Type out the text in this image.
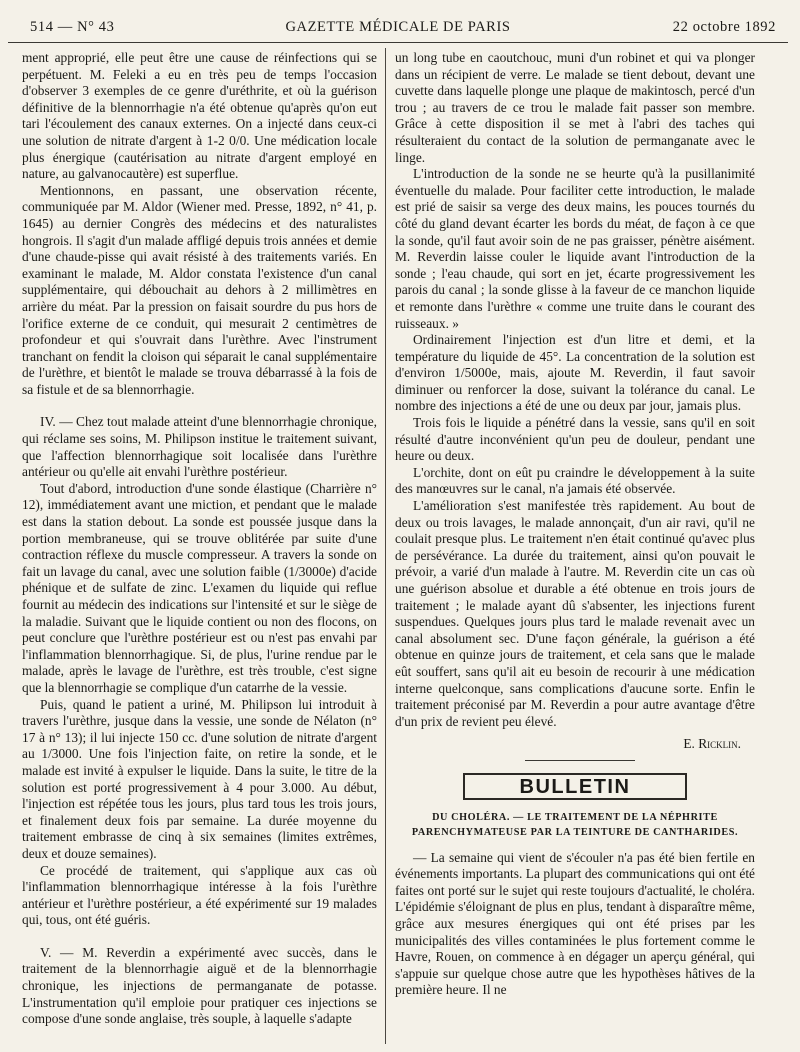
514 — N° 43	GAZETTE MÉDICALE DE PARIS	22 octobre 1892

ment approprié, elle peut être une cause de réinfections qui se perpétuent. M. Feleki a eu en très peu de temps l'occasion d'observer 3 exemples de ce genre d'uréthrite, et où la guérison définitive de la blennorrhagie n'a été obtenue qu'après qu'on eut tari l'écoulement des canaux externes. On a injecté dans ceux-ci une solution de nitrate d'argent à 1-2 0/0. Une médication locale plus énergique (cautérisation au nitrate d'argent employé en nature, au galvanocautère) est superflue.

Mentionnons, en passant, une observation récente, communiquée par M. Aldor (Wiener med. Presse, 1892, n° 41, p. 1645) au dernier Congrès des médecins et des naturalistes hongrois. Il s'agit d'un malade affligé depuis trois années et demie d'une chaude-pisse qui avait résisté à des traitements variés. En examinant le malade, M. Aldor constata l'existence d'un canal supplémentaire, qui débouchait au dehors à 2 millimètres en arrière du méat. Par la pression on faisait sourdre du pus hors de l'orifice externe de ce conduit, qui mesurait 2 centimètres de profondeur et qui s'ouvrait dans l'urèthre. Avec l'instrument tranchant on fendit la cloison qui séparait le canal supplémentaire de l'urèthre, et bientôt le malade se trouva débarrassé à la fois de sa fistule et de sa blennorrhagie.

IV. — Chez tout malade atteint d'une blennorrhagie chronique, qui réclame ses soins, M. Philipson institue le traitement suivant, que l'affection blennorrhagique soit localisée dans l'urèthre antérieur ou qu'elle ait envahi l'urèthre postérieur.

Tout d'abord, introduction d'une sonde élastique (Charrière n° 12), immédiatement avant une miction, et pendant que le malade est dans la station debout. La sonde est poussée jusque dans la portion membraneuse, qui se trouve oblitérée par suite d'une contraction réflexe du muscle compresseur. A travers la sonde on fait un lavage du canal, avec une solution faible (1/3000e) d'acide phénique et de sulfate de zinc. L'examen du liquide qui reflue fournit au médecin des indications sur l'intensité et sur le siège de la maladie. Suivant que le liquide contient ou non des flocons, on peut conclure que l'urèthre postérieur est ou n'est pas envahi par l'inflammation blennorrhagique. Si, de plus, l'urine rendue par le malade, après le lavage de l'urèthre, est très trouble, c'est signe que la blennorrhagie se complique d'un catarrhe de la vessie.

Puis, quand le patient a uriné, M. Philipson lui introduit à travers l'urèthre, jusque dans la vessie, une sonde de Nélaton (n° 17 à n° 13); il lui injecte 150 cc. d'une solution de nitrate d'argent au 1/3000. Une fois l'injection faite, on retire la sonde, et le malade est invité à expulser le liquide. Dans la suite, le titre de la solution est porté progressivement à 4 pour 3.000. Au début, l'injection est répétée tous les jours, plus tard tous les trois jours, et finalement deux fois par semaine. La durée moyenne du traitement embrasse de cinq à six semaines (limites extrêmes, deux et douze semaines).

Ce procédé de traitement, qui s'applique aux cas où l'inflammation blennorrhagique intéresse à la fois l'urèthre antérieur et l'urèthre postérieur, a été expérimenté sur 19 malades qui, tous, ont été guéris.

V. — M. Reverdin a expérimenté avec succès, dans le traitement de la blennorrhagie aiguë et de la blennorrhagie chronique, les injections de permanganate de potasse. L'instrumentation qu'il emploie pour pratiquer ces injections se compose d'une sonde anglaise, très souple, à laquelle s'adapte

un long tube en caoutchouc, muni d'un robinet et qui va plonger dans un récipient de verre. Le malade se tient debout, devant une cuvette dans laquelle plonge une plaque de makintosch, percé d'un trou ; au travers de ce trou le malade fait passer son membre. Grâce à cette disposition il se met à l'abri des taches qui résulteraient du contact de la solution de permanganate avec le linge.

L'introduction de la sonde ne se heurte qu'à la pusillanimité éventuelle du malade. Pour faciliter cette introduction, le malade est prié de saisir sa verge des deux mains, les pouces tournés du côté du gland devant écarter les bords du méat, de façon à ce que la sonde, qu'il faut avoir soin de ne pas graisser, pénètre aisément. M. Reverdin laisse couler le liquide avant l'introduction de la sonde ; l'eau chaude, qui sort en jet, écarte progressivement les parois du canal ; la sonde glisse à la faveur de ce manchon liquide et remonte dans l'urèthre « comme une truite dans le courant des ruisseaux. »

Ordinairement l'injection est d'un litre et demi, et la température du liquide de 45°. La concentration de la solution est d'environ 1/5000e, mais, ajoute M. Reverdin, il faut savoir diminuer ou renforcer la dose, suivant la tolérance du canal. Le nombre des injections a été de une ou deux par jour, jamais plus.

Trois fois le liquide a pénétré dans la vessie, sans qu'il en soit résulté d'autre inconvénient qu'un peu de douleur, pendant une heure ou deux.

L'orchite, dont on eût pu craindre le développement à la suite des manœuvres sur le canal, n'a jamais été observée.

L'amélioration s'est manifestée très rapidement. Au bout de deux ou trois lavages, le malade annonçait, d'un air ravi, qu'il ne coulait presque plus. Le traitement n'en était continué qu'avec plus de persévérance. La durée du traitement, ainsi qu'on pouvait le prévoir, a varié d'un malade à l'autre. M. Reverdin cite un cas où une guérison absolue et durable a été obtenue en trois jours de traitement ; le malade ayant dû s'absenter, les injections furent suspendues. Quelques jours plus tard le malade revenait avec un canal absolument sec. D'une façon générale, la guérison a été obtenue en quinze jours de traitement, et cela sans que le malade eût souffert, sans qu'il ait eu besoin de recourir à une médication interne quelconque, sans complications d'aucune sorte. Enfin le traitement préconisé par M. Reverdin a pour autre avantage d'être d'un prix de revient peu élevé.

E. Ricklin.
BULLETIN
DU CHOLÉRA. — LE TRAITEMENT DE LA NÉPHRITE PARENCHYMATEUSE PAR LA TEINTURE DE CANTHARIDES.

— La semaine qui vient de s'écouler n'a pas été bien fertile en événements importants. La plupart des communications qui ont été faites ont porté sur le sujet qui reste toujours d'actualité, le choléra. L'épidémie s'éloignant de plus en plus, tendant à disparaître même, grâce aux mesures énergiques qui ont été prises par les municipalités des villes contaminées le plus fortement comme le Havre, Rouen, on commence à en dégager un aperçu général, qui s'appuie sur quelque chose autre que les hypothèses hâtives de la première heure. Il ne
